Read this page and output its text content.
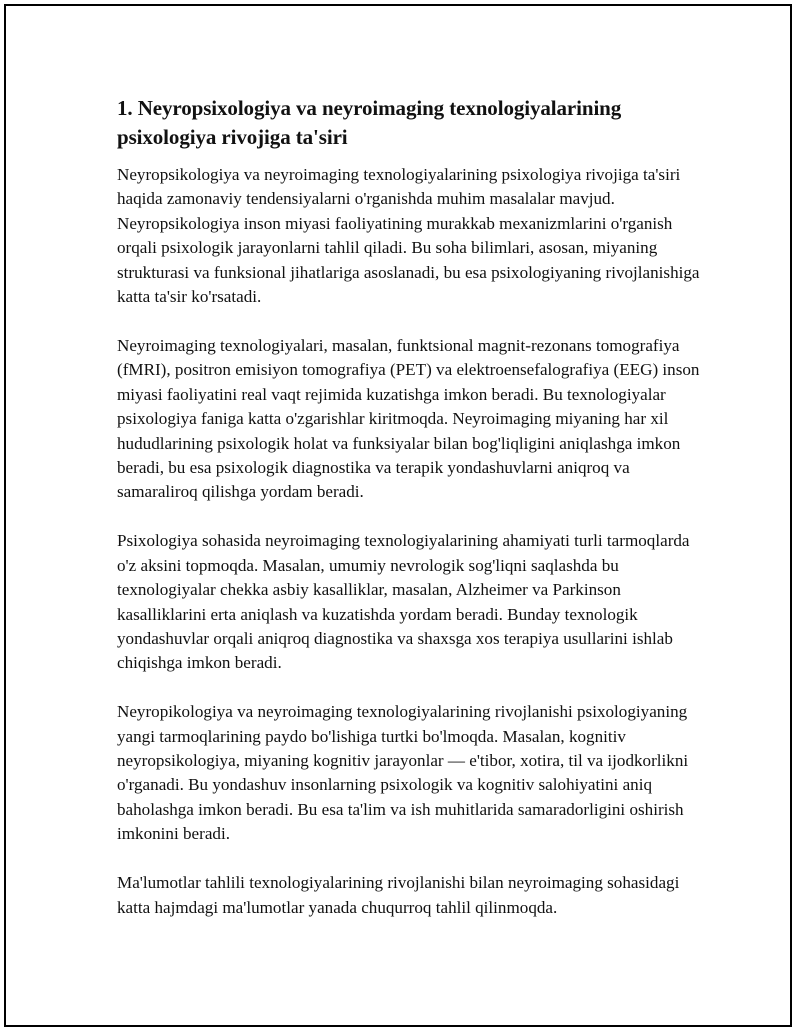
1. Neyropsixologiya va neyroimaging texnologiyalarining psixologiya rivojiga ta'siri

Neyropsikologiya va neyroimaging texnologiyalarining psixologiya rivojiga ta'siri haqida zamonaviy tendensiyalarni o'rganishda muhim masalalar mavjud. Neyropsikologiya inson miyasi faoliyatining murakkab mexanizmlarini o'rganish orqali psixologik jarayonlarni tahlil qiladi. Bu soha bilimlari, asosan, miyaning strukturasi va funksional jihatlariga asoslanadi, bu esa psixologiyaning rivojlanishiga katta ta'sir ko'rsatadi.

Neyroimaging texnologiyalari, masalan, funktsional magnit-rezonans tomografiya (fMRI), positron emisiyon tomografiya (PET) va elektroensefalografiya (EEG) inson miyasi faoliyatini real vaqt rejimida kuzatishga imkon beradi. Bu texnologiyalar psixologiya faniga katta o'zgarishlar kiritmoqda. Neyroimaging miyaning har xil hududlarining psixologik holat va funksiyalar bilan bog'liqligini aniqlashga imkon beradi, bu esa psixologik diagnostika va terapik yondashuvlarni aniqroq va samaraliroq qilishga yordam beradi.

Psixologiya sohasida neyroimaging texnologiyalarining ahamiyati turli tarmoqlarda o'z aksini topmoqda. Masalan, umumiy nevrologik sog'liqni saqlashda bu texnologiyalar chekka asbiy kasalliklar, masalan, Alzheimer va Parkinson kasalliklarini erta aniqlash va kuzatishda yordam beradi. Bunday texnologik yondashuvlar orqali aniqroq diagnostika va shaxsga xos terapiya usullarini ishlab chiqishga imkon beradi.

Neyropikologiya va neyroimaging texnologiyalarining rivojlanishi psixologiyaning yangi tarmoqlarining paydo bo'lishiga turtki bo'lmoqda. Masalan, kognitiv neyropsikologiya, miyaning kognitiv jarayonlar — e'tibor, xotira, til va ijodkorlikni o'rganadi. Bu yondashuv insonlarning psixologik va kognitiv salohiyatini aniq baholashga imkon beradi. Bu esa ta'lim va ish muhitlarida samaradorligini oshirish imkonini beradi.

Ma'lumotlar tahlili texnologiyalarining rivojlanishi bilan neyroimaging sohasidagi katta hajmdagi ma'lumotlar yanada chuqurroq tahlil qilinmoqda.
